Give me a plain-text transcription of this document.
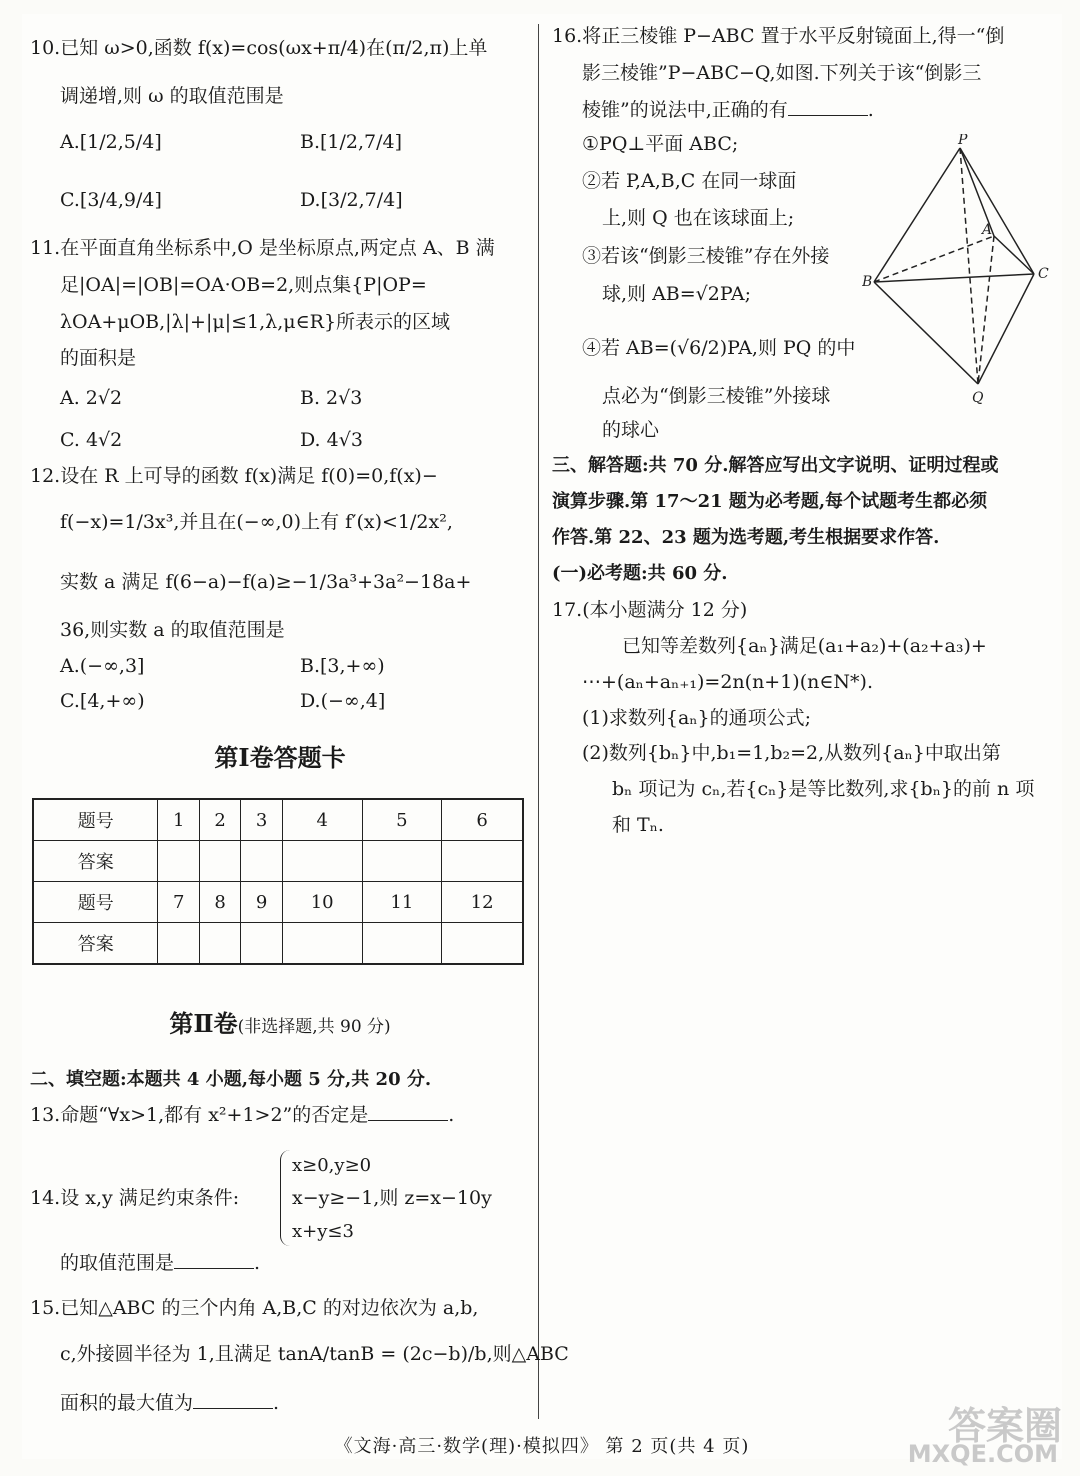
10.已知 ω>0,函数 f(x)=cos(ωx+π/4)在(π/2,π)上单
调递增,则 ω 的取值范围是
A.[1/2,5/4]	B.[1/2,7/4]
C.[3/4,9/4]	D.[3/2,7/4]
11.在平面直角坐标系中,O 是坐标原点,两定点 A、B 满
足|OA|=|OB|=OA·OB=2,则点集{P|OP=
λOA+μOB,|λ|+|μ|≤1,λ,μ∈R}所表示的区域
的面积是
A. 2√2	B. 2√3
C. 4√2	D. 4√3
12.设在 R 上可导的函数 f(x)满足 f(0)=0,f(x)−
f(−x)=1/3x³,并且在(−∞,0)上有 f′(x)<1/2x²,
实数 a 满足 f(6−a)−f(a)≥−1/3a³+3a²−18a+
36,则实数 a 的取值范围是
A.(−∞,3]	B.[3,+∞)
C.[4,+∞)	D.(−∞,4]
第Ⅰ卷答题卡
第Ⅱ卷(非选择题,共 90 分)
二、填空题:本题共 4 小题,每小题 5 分,共 20 分.
13.命题“∀x>1,都有 x²+1>2”的否定是	.
x≥0,y≥0
14.设 x,y 满足约束条件:	x−y≥−1,则 z=x−10y
x+y≤3
的取值范围是	.
15.已知△ABC 的三个内角 A,B,C 的对边依次为 a,b,
c,外接圆半径为 1,且满足 tanA/tanB = (2c−b)/b,则△ABC
面积的最大值为	.
题号	1	2	3	4	5	6
答案						
题号	7	8	9	10	11	12
答案						
16.将正三棱锥 P−ABC 置于水平反射镜面上,得一“倒
影三棱锥”P−ABC−Q,如图.下列关于该“倒影三
棱锥”的说法中,正确的有	.
①PQ⊥平面 ABC;
②若 P,A,B,C 在同一球面
上,则 Q 也在该球面上;
③若该“倒影三棱锥”存在外接
球,则 AB=√2PA;
④若 AB=(√6/2)PA,则 PQ 的中
点必为“倒影三棱锥”外接球
的球心
三、解答题:共 70 分.解答应写出文字说明、证明过程或
演算步骤.第 17～21 题为必考题,每个试题考生都必须
作答.第 22、23 题为选考题,考生根据要求作答.
(一)必考题:共 60 分.
17.(本小题满分 12 分)
已知等差数列{aₙ}满足(a₁+a₂)+(a₂+a₃)+
⋯+(aₙ+aₙ₊₁)=2n(n+1)(n∈N*).
(1)求数列{aₙ}的通项公式;
(2)数列{bₙ}中,b₁=1,b₂=2,从数列{aₙ}中取出第
bₙ 项记为 cₙ,若{cₙ}是等比数列,求{bₙ}的前 n 项
和 Tₙ.
P
A
B	C
Q
《文海·高三·数学(理)·模拟四》 第 2 页(共 4 页)	答案圈
MXQE.COM
